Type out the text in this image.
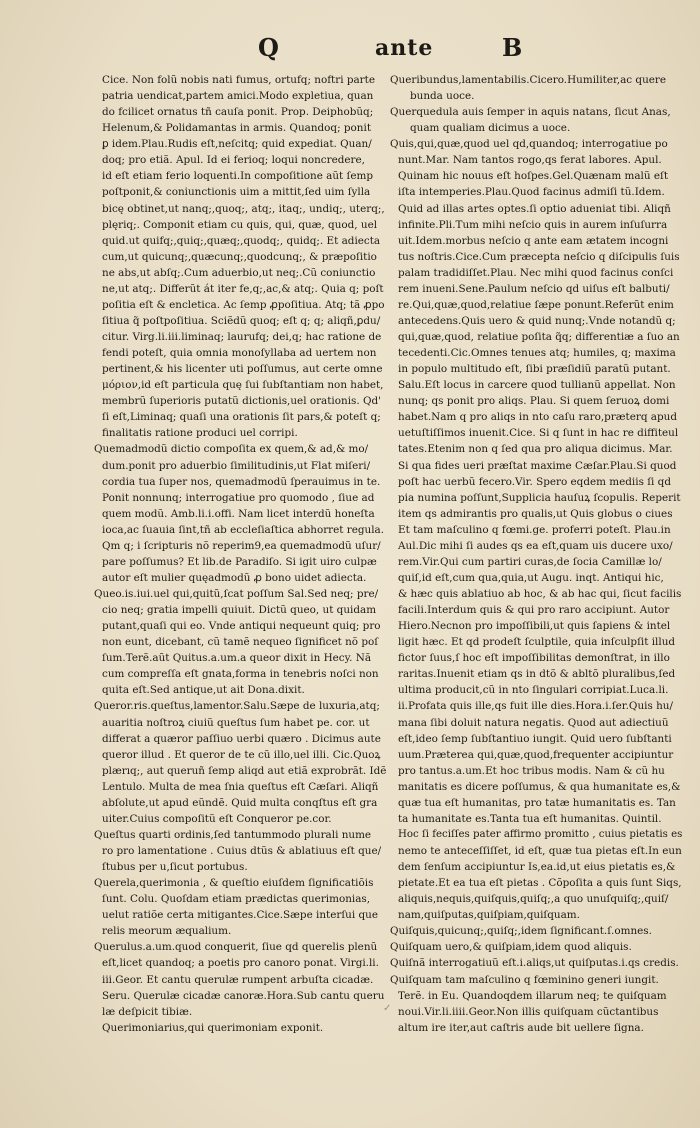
Q	ante	B
Cice. Non folũ nobis nati fumus, ortufq; noftri parte
patria uendicat,partem amici.Modo expletiua, quan
do fcilicet ornatus tñ cauſa ponit. Prop. Deiphobũq;
Helenum,& Polidamantas in armis. Quandoq; ponit
ꝑ idem.Plau.Rudis eſt,neſcitq; quid expediat. Quan/
doq; pro etiã. Apul. Id ei ferioq; loqui noncredere,
id eſt etiam ferio loquenti.In compoſitione aũt ſemp
poſtponit,& coniunctionis uim a mittit,ſed uim ſylla
bicę obtinet,ut nanq;,quoq;, atq;, itaq;, undiq;, uterq;,
plęriq;. Componit etiam cu quis, qui, quæ, quod, uel
quid.ut quifq;,quiq;,quæq;,quodq;, quidq;. Et adiecta
cum,ut quicunq;,quæcunq;,quodcunq;, & præpoſitio
ne abs,ut abſq;.Cum aduerbio,ut neq;.Cũ coniunctio
ne,ut atq;. Differũt át iter fe,q;,ac,& atq;. Quia q; poſt
poſitia eſt & encletica. Ac ſemp ꝓpoſitiua. Atq; tã ꝓpo
ſitiua q̃ poſtpoſitiua. Sciẽdũ quoq; eſt q; q; aliqñ,ꝑdu/
citur. Virg.li.iii.liminaq; laurufq; dei,q; hac ratione de
fendi poteſt, quia omnia monoſyllaba ad uertem non
pertinent,& his licenter uti poſſumus, aut certe omne
μόριον,id eſt particula quę ſui ſubſtantiam non habet,
membrũ ſuperioris putatũ dictionis,uel orationis. Qd'
ſi eſt,Liminaq; quaſi una orationis ſit pars,& poteſt q;
finalitatis ratione produci uel corripi.
Quemadmodũ dictio compoſita ex quem,& ad,& mo/
dum.ponit pro aduerbio ſimilitudinis,ut Flat miſeri/
cordia tua ſuper nos, quemadmodũ ſperauimus in te.
Ponit nonnunq; interrogatiue pro quomodo , ſiue ad
quem modũ. Amb.li.i.offi. Nam licet interdũ honeſta
ioca,ac ſuauia ſint,tñ ab eccleſiaſtica abhorret regula.
Qm q; i ſcripturis nõ reperim9,ea quemadmodũ uſur/
pare poſſumus? Et lib.de Paradiſo. Si igit uiro culpæ
autor eſt mulier quęadmodũ ꝓ bono uidet adiecta.
Queo.is.iui.uel qui,quitũ,ſcat poſſum Sal.Sed neq; pre/
cio neq; gratia impelli quiuit. Dictũ queo, ut quidam
putant,quaſi qui eo. Vnde antiqui nequeunt quiq; pro
non eunt, dicebant, cũ tamẽ nequeo ſignificet nõ poſ
ſum.Terẽ.aũt Quitus.a.um.a queor dixit in Hecy. Nã
cum compreſſa eſt gnata,forma in tenebris noſci non
quita eſt.Sed antique,ut ait Dona.dixit.
Queror.ris.queſtus,lamentor.Salu.Sæpe de luxuria,atq;
auaritia noſtroꝝ ciuiũ queſtus ſum habet pe. cor. ut
differat a quæror paſſiuo uerbi quæro . Dicimus aute
queror illud . Et queror de te cũ illo,uel illi. Cic.Quoꝝ
plærıq;, aut queruñ ſemp aliqd aut etiã exprobrãt. Idẽ
Lentulo. Multa de mea ſnia queſtus eſt Cæſari. Aliqñ
abſolute,ut apud eũndẽ. Quid multa conqſtus eſt gra
uiter.Cuius compoſitũ eſt Conqueror pe.cor.
Queſtus quarti ordinis,ſed tantummodo plurali nume
ro pro lamentatione . Cuius dtũs & ablatiuus eſt que/
ſtubus per u,ſicut portubus.
Querela,querimonia , & queſtio eiuſdem ſignificatiõis
ſunt. Colu. Quoſdam etiam prædictas querimonias,
uelut ratiõe certa mitigantes.Cice.Sæpe interſui que
relis meorum æqualium.
Querulus.a.um.quod conquerit, ſiue qd querelis plenũ
eſt,licet quandoq; a poetis pro canoro ponat. Virgi.li.
iii.Geor. Et cantu querulæ rumpent arbuſta cicadæ.
Seru. Querulæ cicadæ canoræ.Hora.Sub cantu queru
læ deſpicit tibiæ.
Querimoniarius,qui querimoniam exponit.
Queribundus,lamentabilis.Cicero.Humiliter,ac quere
bunda uoce.
Querquedula auis ſemper in aquis natans, ſicut Anas,
quam qualiam dicimus a uoce.
Quis,qui,quæ,quod uel qd,quandoq; interrogatiue po
nunt.Mar. Nam tantos rogo,qs ferat labores. Apul.
Quinam hic nouus eſt hoſpes.Gel.Quænam malũ eſt
iſta intemperies.Plau.Quod facinus admiſi tũ.Idem.
Quid ad illas artes optes.ſi optio adueniat tibi. Aliqñ
infinite.Pli.Tum mihi neſcio quis in aurem inſuſurra
uit.Idem.morbus neſcio q ante eam ætatem incogni
tus noſtris.Cice.Cum præcepta neſcio q diſcipulis ſuis
palam tradidiſſet.Plau. Nec mihi quod facinus conſci
rem inueni.Sene.Paulum neſcio qd uiſus eſt balbuti/
re.Qui,quæ,quod,relatiue ſæpe ponunt.Referũt enim
antecedens.Quis uero & quid nunq;.Vnde notandũ q;
qui,quæ,quod, relatiue poſita q̃q; differentiæ a ſuo an
tecedenti.Cic.Omnes tenues atq; humiles, q; maxima
in populo multitudo eſt, ſibi præſidiũ paratũ putant.
Salu.Eſt locus in carcere quod tullianũ appellat. Non
nunq; qs ponit pro aliqs. Plau. Si quem ſeruoꝝ domi
habet.Nam q pro aliqs in nto caſu raro,præterq apud
uetuſtiſſimos inuenit.Cice. Si q ſunt in hac re diffiteul
tates.Etenim non q ſed qua pro aliqua dicimus. Mar.
Si qua fides ueri præſtat maxime Cæſar.Plau.Si quod
poſt hac uerbũ fecero.Vir. Spero eqdem mediis ſi qd
pia numina poſſunt,Supplicia hauſuꝝ ſcopulis. Reperit
item qs admirantis pro qualis,ut Quis globus o ciues
Et tam maſculino q fœmi.ge. proferri poteſt. Plau.in
Aul.Dic mihi ſi audes qs ea eſt,quam uis ducere uxo/
rem.Vir.Qui cum partiri curas,de ſocia Camillæ lo/
quiſ,id eſt,cum qua,quia,ut Augu. inqt. Antiqui hic,
& hæc quis ablatiuo ab hoc, & ab hac qui, ſicut facilis
facili.Interdum quis & qui pro raro accipiunt. Autor
Hiero.Necnon pro impoſſibili,ut quis ſapiens & intel
ligit hæc. Et qd prodeſt ſculptile, quia inſculpſit illud
fictor ſuus,ſ hoc eſt impoſſibilitas demonſtrat, in illo
raritas.Inuenit etiam qs in dtõ & abltõ pluralibus,ſed
ultima producit,cũ in nto ſingulari corripiat.Luca.li.
ii.Profata quis ille,qs fuit ille dies.Hora.i.ſer.Quis hu/
mana ſibi doluit natura negatis. Quod aut adiectiuũ
eſt,ideo ſemp ſubſtantiuo iungit. Quid uero ſubſtanti
uum.Præterea qui,quæ,quod,frequenter accipiuntur
pro tantus.a.um.Et hoc tribus modis. Nam & cũ hu
manitatis es dicere poſſumus, & qua humanitate es,&
quæ tua eſt humanitas, pro tatæ humanitatis es. Tan
ta humanitate es.Tanta tua eſt humanitas. Quintil.
Hoc ſi feciſſes pater affirmo promitto , cuius pietatis es
nemo te anteceſſiſſet, id eſt, quæ tua pietas eſt.In eun
dem ſenſum accipiuntur Is,ea.id,ut eius pietatis es,&
pietate.Et ea tua eſt pietas . Cõpoſita a quis ſunt Siqs,
aliquis,nequis,quiſquis,quiſq;,a quo unuſquiſq;,quiſ/
nam,quiſputas,quiſpiam,quiſquam.
Quiſquis,quicunq;,quiſq;,idem ſignificant.ſ.omnes.
Quiſquam uero,& quiſpiam,idem quod aliquis.
Quiſnã interrogatiuũ eſt.i.aliqs,ut quiſputas.i.qs credis.
Quiſquam tam maſculino q fœminino generi iungit.
Terẽ. in Eu. Quandoqdem illarum neq; te quiſquam
noui.Vir.li.iiii.Geor.Non illis quiſquam cũctantibus
altum ire iter,aut caſtris aude bit uellere ſigna.
✓
